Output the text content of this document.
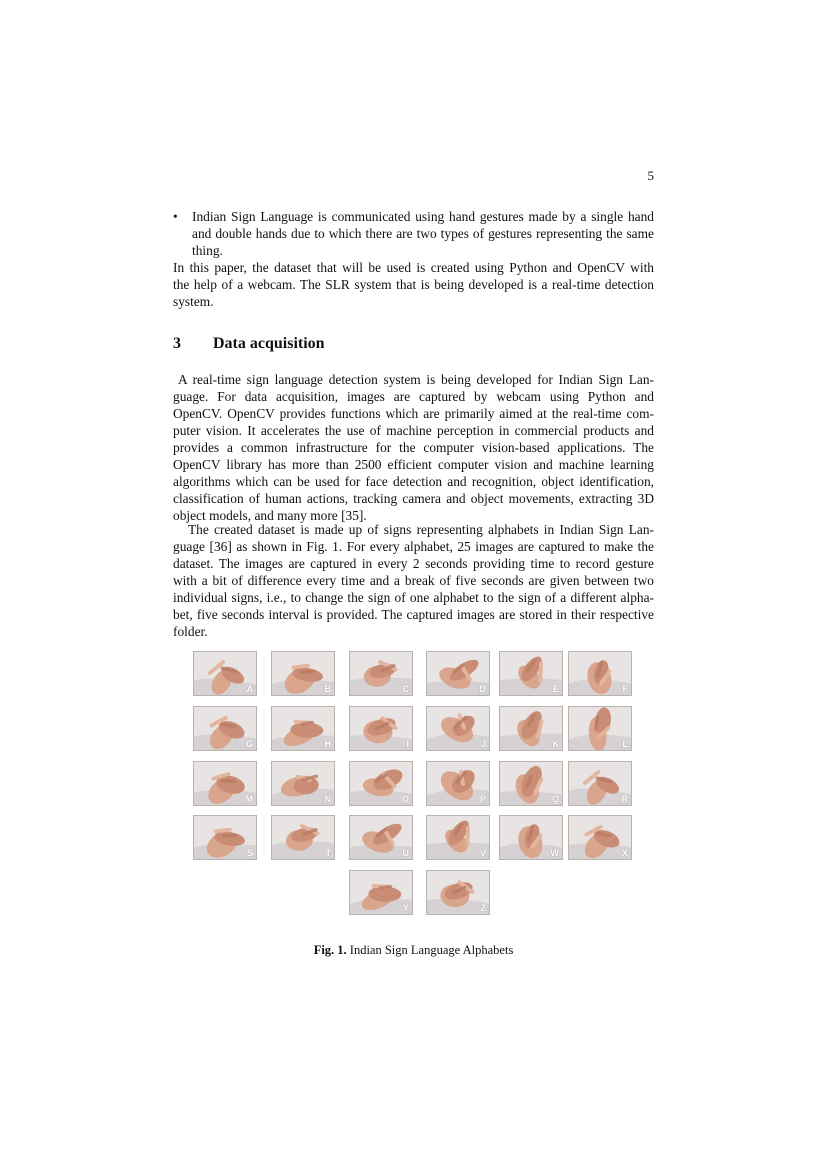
5
•	Indian Sign Language is communicated using hand gestures made by a single hand
and double hands due to which there are two types of gestures representing the same
thing.
In this paper, the dataset that will be used is created using Python and OpenCV with
the help of a webcam. The SLR system that is being developed is a real-time detection
system.
3 Data acquisition
A real-time sign language detection system is being developed for Indian Sign Lan-
guage. For data acquisition, images are captured by webcam using Python and
OpenCV. OpenCV provides functions which are primarily aimed at the real-time com-
puter vision. It accelerates the use of machine perception in commercial products and
provides a common infrastructure for the computer vision-based applications. The
OpenCV library has more than 2500 efficient computer vision and machine learning
algorithms which can be used for face detection and recognition, object identification,
classification of human actions, tracking camera and object movements, extracting 3D
object models, and many more [35].
The created dataset is made up of signs representing alphabets in Indian Sign Lan-
guage [36] as shown in Fig. 1. For every alphabet, 25 images are captured to make the
dataset. The images are captured in every 2 seconds providing time to record gesture
with a bit of difference every time and a break of five seconds are given between two
individual signs, i.e., to change the sign of one alphabet to the sign of a different alpha-
bet, five seconds interval is provided. The captured images are stored in their respective
folder.
A	B	C	D	E	F
G	H	I	J	K	L
M	N	O	P	Q	R
S	T	U	V	W	X
Y	Z
Fig. 1. Indian Sign Language Alphabets
